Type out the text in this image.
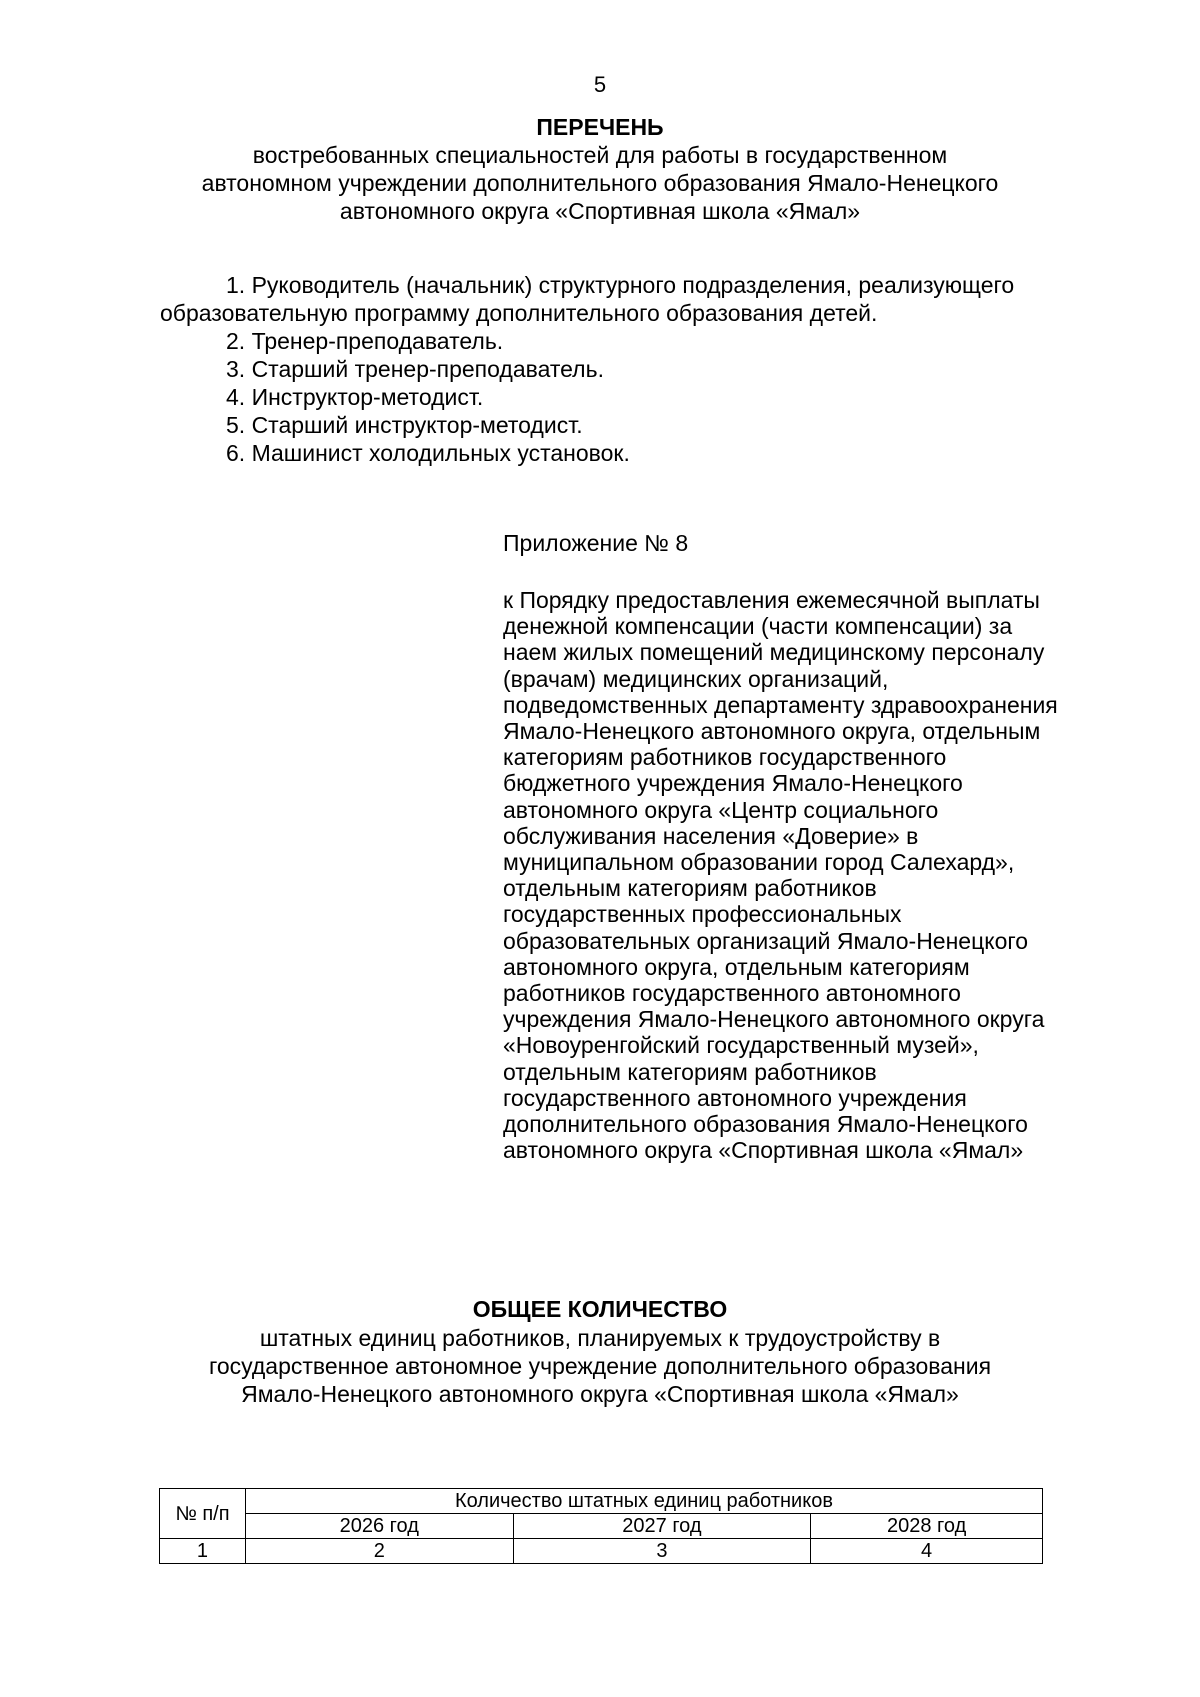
5
ПЕРЕЧЕНЬ
востребованных специальностей для работы в государственном
автономном учреждении дополнительного образования Ямало-Ненецкого
автономного округа «Спортивная школа «Ямал»

1. Руководитель (начальник) структурного подразделения, реализующего образовательную программу дополнительного образования детей.

2. Тренер-преподаватель.

3. Старший тренер-преподаватель.

4. Инструктор-методист.

5. Старший инструктор-методист.

6. Машинист холодильных установок.

Приложение № 8
к Порядку предоставления ежемесячной выплаты денежной компенсации (части компенсации) за наем жилых помещений медицинскому персоналу (врачам) медицинских организаций, подведомственных департаменту здравоохранения Ямало-Ненецкого автономного округа, отдельным категориям работников государственного бюджетного учреждения Ямало-Ненецкого автономного округа «Центр социального обслуживания населения «Доверие» в муниципальном образовании город Салехард», отдельным категориям работников государственных профессиональных образовательных организаций Ямало-Ненецкого автономного округа, отдельным категориям работников государственного автономного учреждения Ямало-Ненецкого автономного округа «Новоуренгойский государственный музей», отдельным категориям работников государственного автономного учреждения дополнительного образования Ямало-Ненецкого автономного округа «Спортивная школа «Ямал»
ОБЩЕЕ КОЛИЧЕСТВО
штатных единиц работников, планируемых к трудоустройству в
государственное автономное учреждение дополнительного образования
Ямало-Ненецкого автономного округа «Спортивная школа «Ямал»
№ п/п	Количество штатных единиц работников		
	2026 год	2027 год	2028 год
1	2	3	4
